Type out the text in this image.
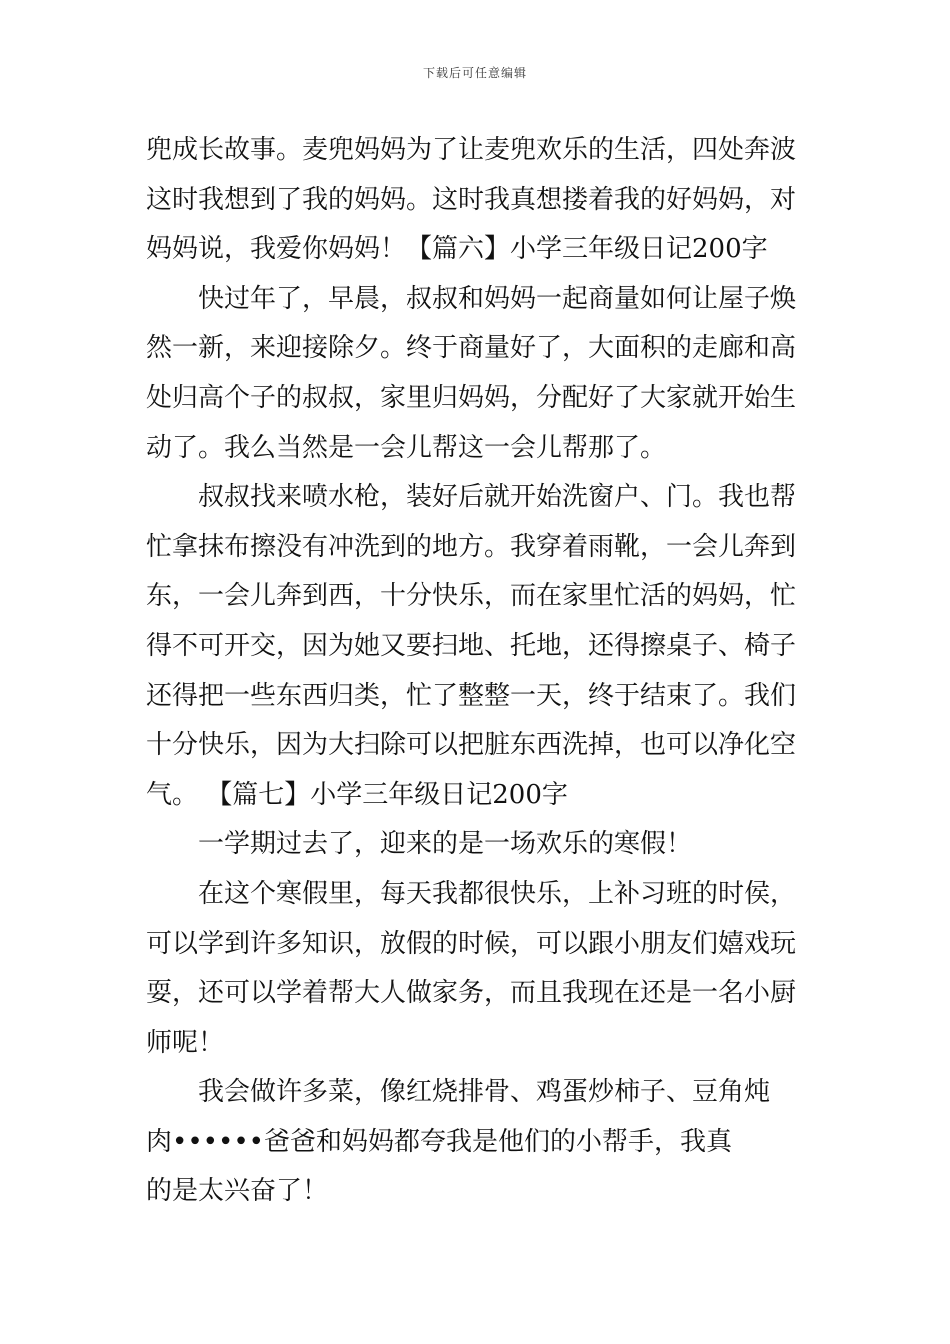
下载后可任意编辑
兜成长故事。麦兜妈妈为了让麦兜欢乐的生活，四处奔波
这时我想到了我的妈妈。这时我真想搂着我的好妈妈，对
妈妈说，我爱你妈妈！【篇六】小学三年级日记200字
快过年了，早晨，叔叔和妈妈一起商量如何让屋子焕
然一新，来迎接除夕。终于商量好了，大面积的走廊和高
处归高个子的叔叔，家里归妈妈，分配好了大家就开始生
动了。我么当然是一会儿帮这一会儿帮那了。
叔叔找来喷水枪，装好后就开始洗窗户、门。我也帮
忙拿抹布擦没有冲洗到的地方。我穿着雨靴，一会儿奔到
东，一会儿奔到西，十分快乐，而在家里忙活的妈妈，忙
得不可开交，因为她又要扫地、托地，还得擦桌子、椅子
还得把一些东西归类，忙了整整一天，终于结束了。我们
十分快乐，因为大扫除可以把脏东西洗掉，也可以净化空
气。 【篇七】小学三年级日记200字
一学期过去了，迎来的是一场欢乐的寒假！
在这个寒假里，每天我都很快乐，上补习班的时侯，
可以学到许多知识，放假的时候，可以跟小朋友们嬉戏玩
耍，还可以学着帮大人做家务，而且我现在还是一名小厨
师呢！
我会做许多菜，像红烧排骨、鸡蛋炒柿子、豆角炖
肉••••••爸爸和妈妈都夸我是他们的小帮手，我真
的是太兴奋了！
